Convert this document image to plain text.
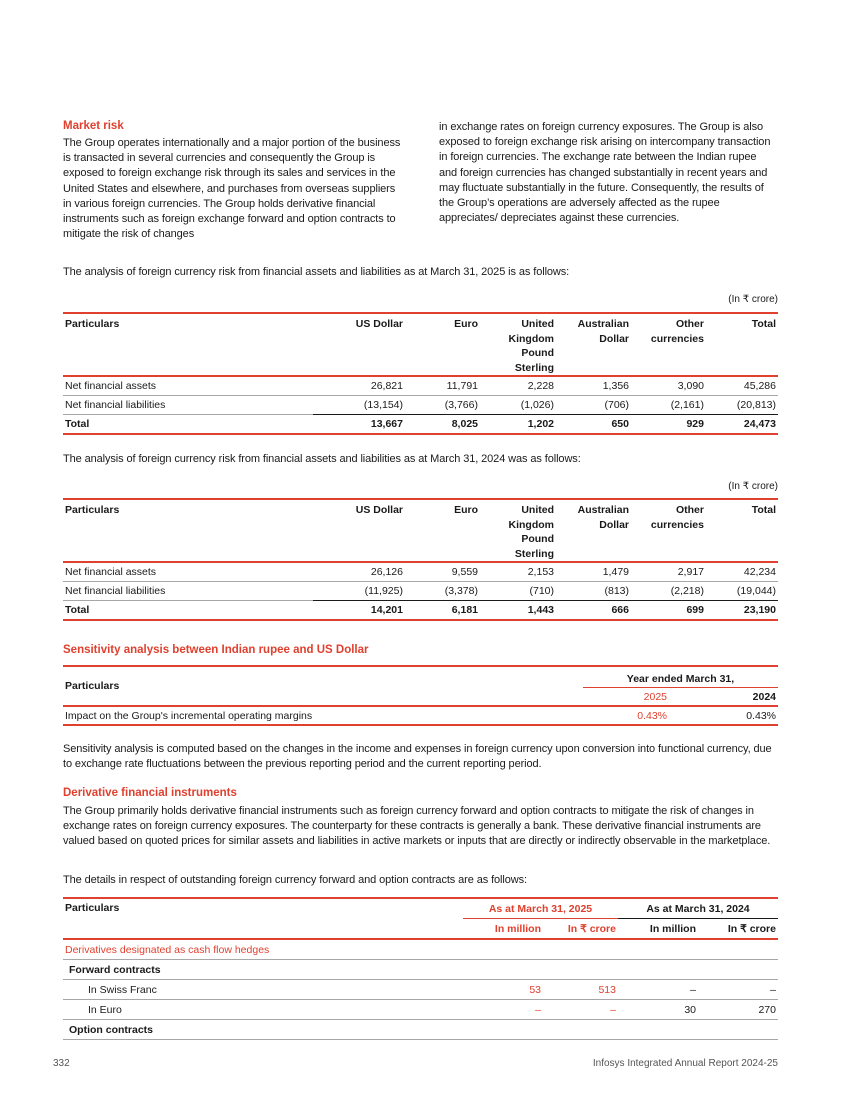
Market risk

The Group operates internationally and a major portion of the business is transacted in several currencies and consequently the Group is exposed to foreign exchange risk through its sales and services in the United States and elsewhere, and purchases from overseas suppliers in various foreign currencies. The Group holds derivative financial instruments such as foreign exchange forward and option contracts to mitigate the risk of changes

in exchange rates on foreign currency exposures. The Group is also exposed to foreign exchange risk arising on intercompany transaction in foreign currencies. The exchange rate between the Indian rupee and foreign currencies has changed substantially in recent years and may fluctuate substantially in the future. Consequently, the results of the Group’s operations are adversely affected as the rupee appreciates/ depreciates against these currencies.

The analysis of foreign currency risk from financial assets and liabilities as at March 31, 2025 is as follows:

(In ₹ crore)
Particulars	US Dollar	Euro	United Kingdom Pound Sterling	Australian Dollar	Other currencies	Total
Net financial assets	26,821	11,791	2,228	1,356	3,090	45,286
Net financial liabilities	(13,154)	(3,766)	(1,026)	(706)	(2,161)	(20,813)
Total	13,667	8,025	1,202	650	929	24,473

The analysis of foreign currency risk from financial assets and liabilities as at March 31, 2024 was as follows:

(In ₹ crore)
Particulars	US Dollar	Euro	United Kingdom Pound Sterling	Australian Dollar	Other currencies	Total
Net financial assets	26,126	9,559	2,153	1,479	2,917	42,234
Net financial liabilities	(11,925)	(3,378)	(710)	(813)	(2,218)	(19,044)
Total	14,201	6,181	1,443	666	699	23,190
Sensitivity analysis between Indian rupee and US Dollar
Particulars	Year ended March 31,	
	2025	2024
Impact on the Group's incremental operating margins	0.43%	0.43%

Sensitivity analysis is computed based on the changes in the income and expenses in foreign currency upon conversion into functional currency, due to exchange rate fluctuations between the previous reporting period and the current reporting period.

Derivative financial instruments

The Group primarily holds derivative financial instruments such as foreign currency forward and option contracts to mitigate the risk of changes in exchange rates on foreign currency exposures. The counterparty for these contracts is generally a bank. These derivative financial instruments are valued based on quoted prices for similar assets and liabilities in active markets or inputs that are directly or indirectly observable in the marketplace.

The details in respect of outstanding foreign currency forward and option contracts are as follows:

Particulars	As at March 31, 2025		As at March 31, 2024	
	In million	In ₹ crore	In million	In ₹ crore
Derivatives designated as cash flow hedges				
Forward contracts				
In Swiss Franc	53	513	–	–
In Euro	–	–	30	270
Option contracts				
332	Infosys Integrated Annual Report 2024-25
